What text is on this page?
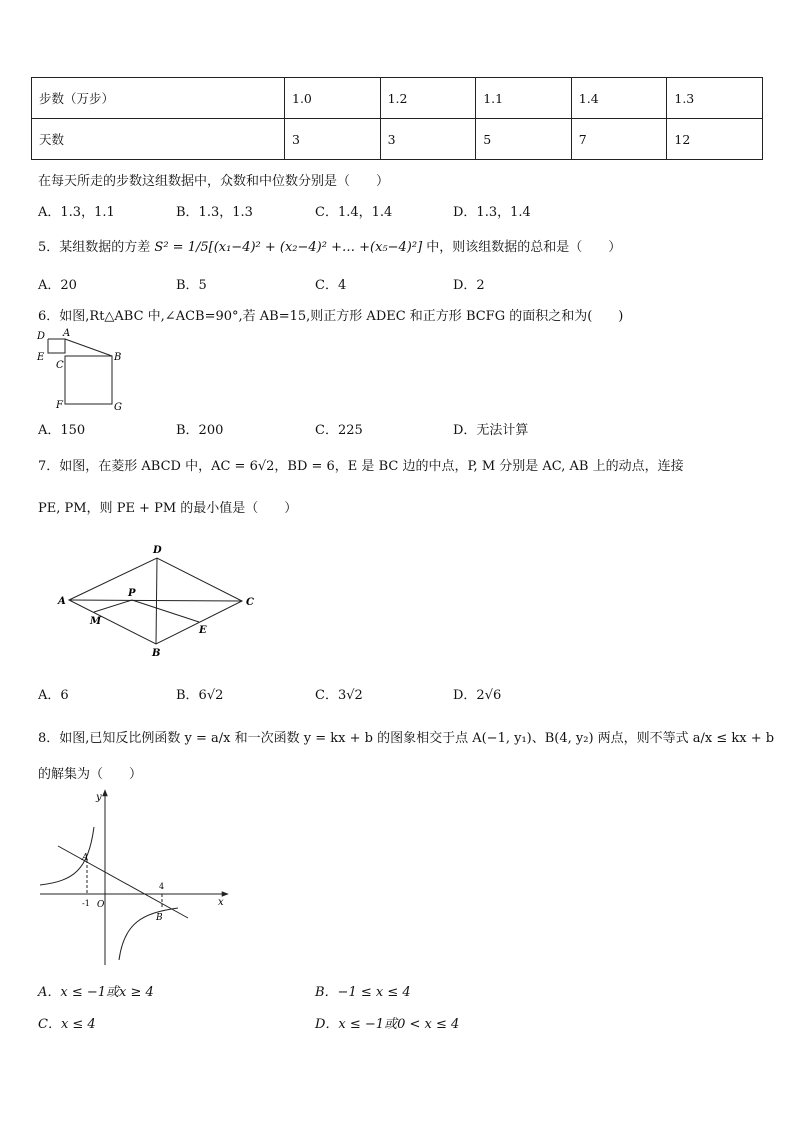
步数（万步）	1.0	1.2	1.1	1.4	1.3
天数	3	3	5	7	12
在每天所走的步数这组数据中，众数和中位数分别是（　　）
A．1.3，1.1	B．1.3，1.3	C．1.4，1.4	D．1.3，1.4
5．某组数据的方差 S² = 1/5[(x₁−4)² + (x₂−4)² +… +(x₅−4)²] 中，则该组数据的总和是（　　）
A．20	B．5	C．4	D．2
6．如图,Rt△ABC 中,∠ACB=90°,若 AB=15,则正方形 ADEC 和正方形 BCFG 的面积之和为(　　)
D A
E
C
B
F	G
A．150	B．200	C．225	D．无法计算
7．如图，在菱形 ABCD 中，AC = 6√2，BD = 6，E 是 BC 边的中点，P, M 分别是 AC, AB 上的动点，连接
PE, PM，则 PE + PM 的最小值是（　　）
D
A
P
C
M
E
B
A．6	B．6√2	C．3√2	D．2√6
8．如图,已知反比例函数 y = a/x 和一次函数 y = kx + b 的图象相交于点 A(−1, y₁)、B(4, y₂) 两点，则不等式 a/x ≤ kx + b
的解集为（　　）
y
A
-1 O
4
x
B
A．x ≤ −1或x ≥ 4	B．−1 ≤ x ≤ 4
C．x ≤ 4	D．x ≤ −1或0 < x ≤ 4
